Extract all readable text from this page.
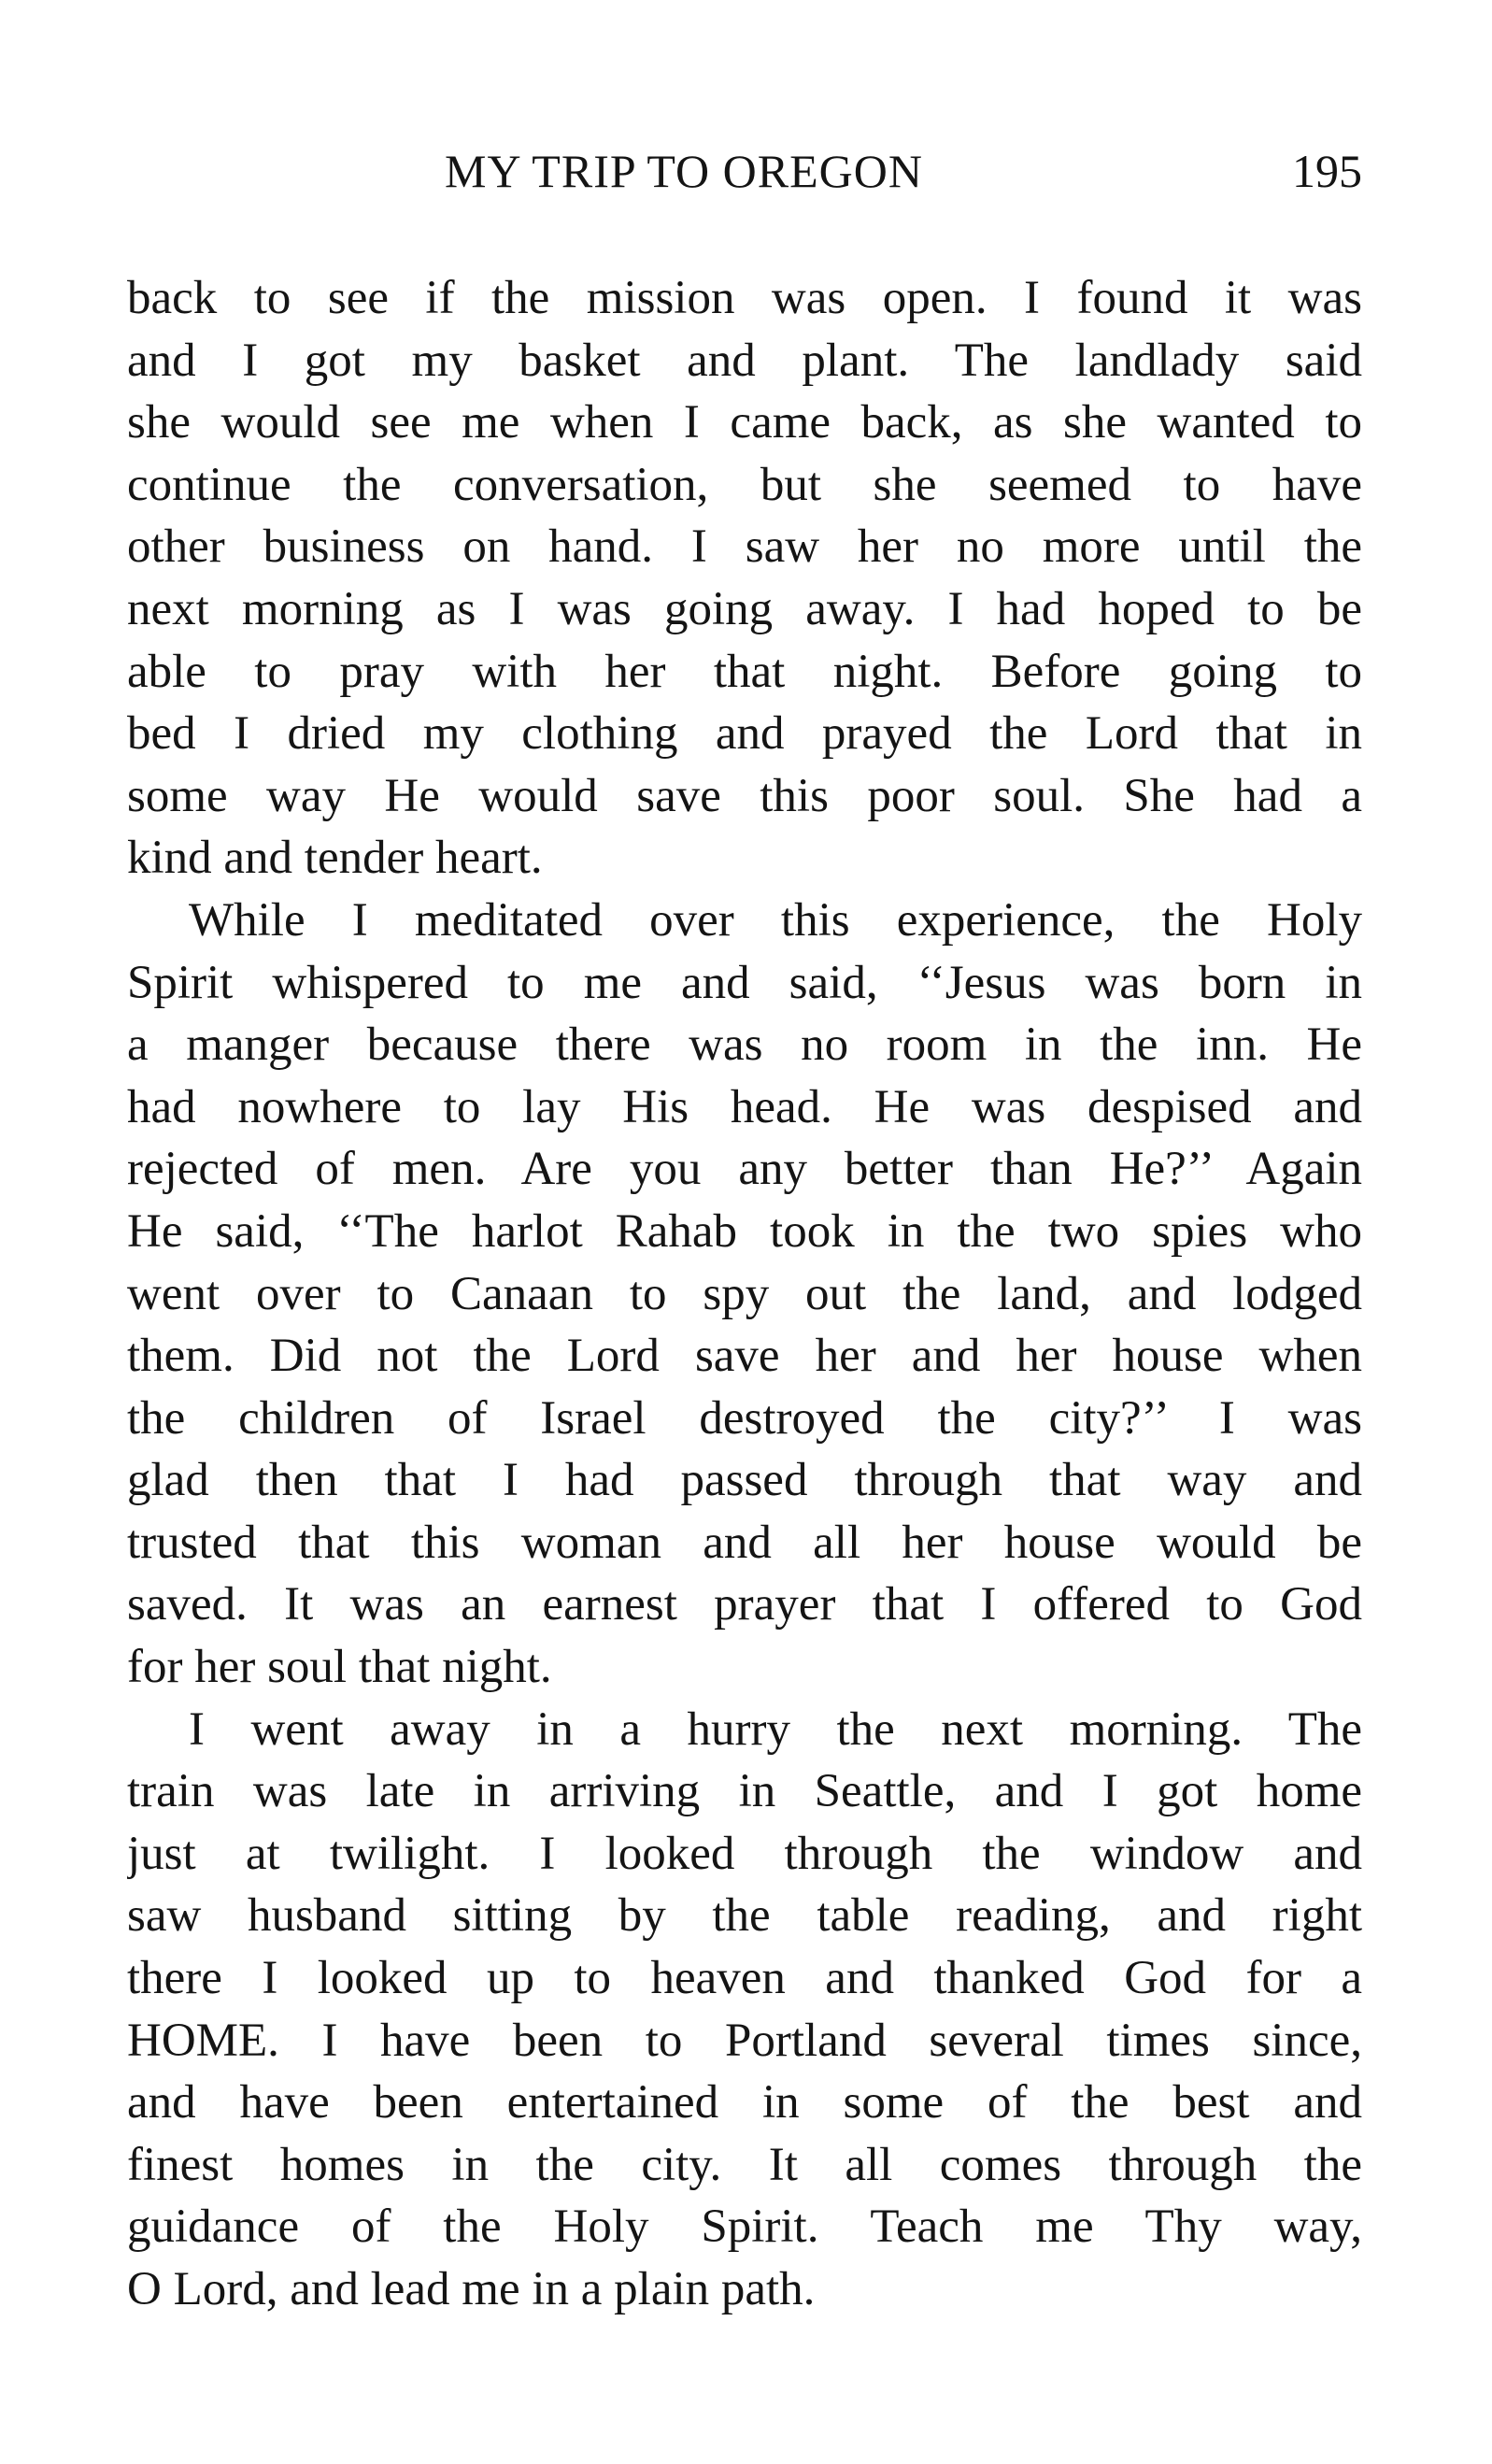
MY TRIP TO OREGON	195
back to see if the mission was open. I found it was
and I got my basket and plant. The landlady said
she would see me when I came back, as she wanted to
continue the conversation, but she seemed to have
other business on hand. I saw her no more until the
next morning as I was going away. I had hoped to be
able to pray with her that night. Before going to
bed I dried my clothing and prayed the Lord that in
some way He would save this poor soul. She had a
kind and tender heart.
While I meditated over this experience, the Holy
Spirit whispered to me and said, ‘‘Jesus was born in
a manger because there was no room in the inn. He
had nowhere to lay His head. He was despised and
rejected of men. Are you any better than He?’’ Again
He said, ‘‘The harlot Rahab took in the two spies who
went over to Canaan to spy out the land, and lodged
them. Did not the Lord save her and her house when
the children of Israel destroyed the city?’’ I was
glad then that I had passed through that way and
trusted that this woman and all her house would be
saved. It was an earnest prayer that I offered to God
for her soul that night.
I went away in a hurry the next morning. The
train was late in arriving in Seattle, and I got home
just at twilight. I looked through the window and
saw husband sitting by the table reading, and right
there I looked up to heaven and thanked God for a
HOME. I have been to Portland several times since,
and have been entertained in some of the best and
finest homes in the city. It all comes through the
guidance of the Holy Spirit. Teach me Thy way,
O Lord, and lead me in a plain path.
